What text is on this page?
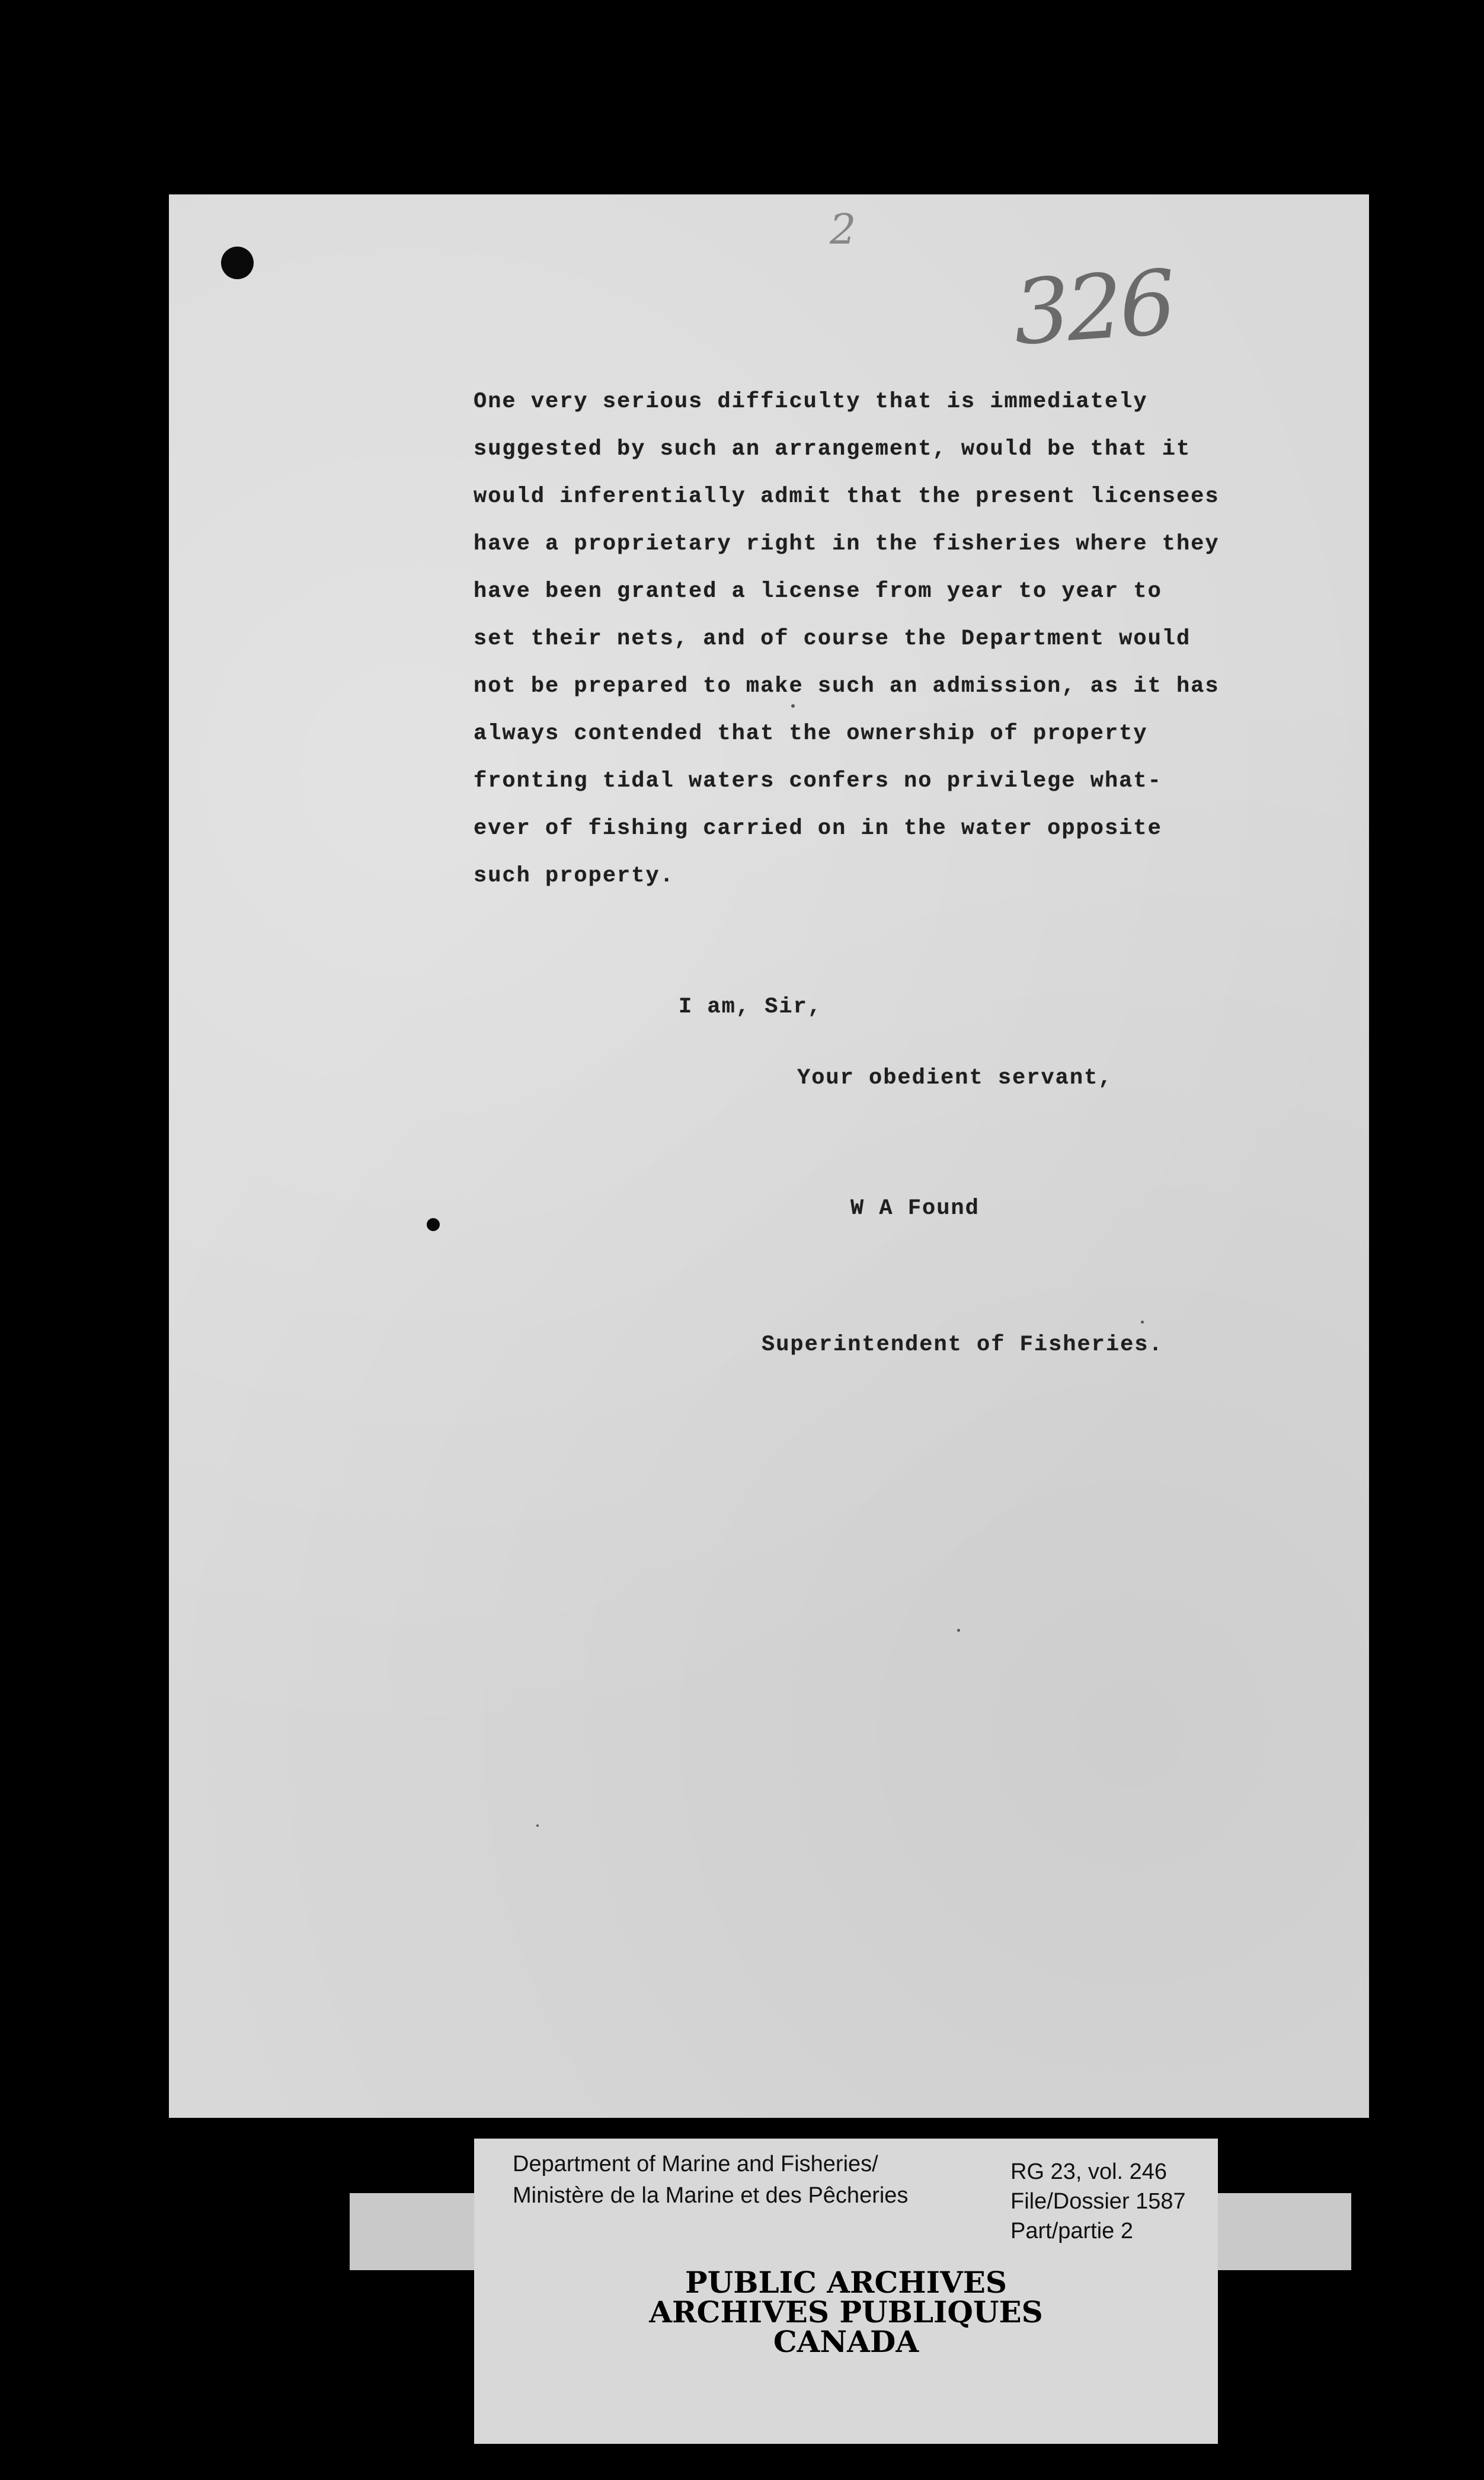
2
326
One very serious difficulty that is immediately
suggested by such an arrangement, would be that it
would inferentially admit that the present licensees
have a proprietary right in the fisheries where they
have been granted a license from year to year to
set their nets, and of course the Department would
not be prepared to make such an admission, as it has
always contended that the ownership of property
fronting tidal waters confers no privilege what-
ever of fishing carried on in the water opposite
such property.
I am, Sir,
Your obedient servant,
W A Found
Superintendent of Fisheries.
Department of Marine and Fisheries/
Ministère de la Marine et des Pêcheries
RG 23, vol. 246
File/Dossier 1587
Part/partie 2
PUBLIC ARCHIVES
ARCHIVES PUBLIQUES
CANADA
